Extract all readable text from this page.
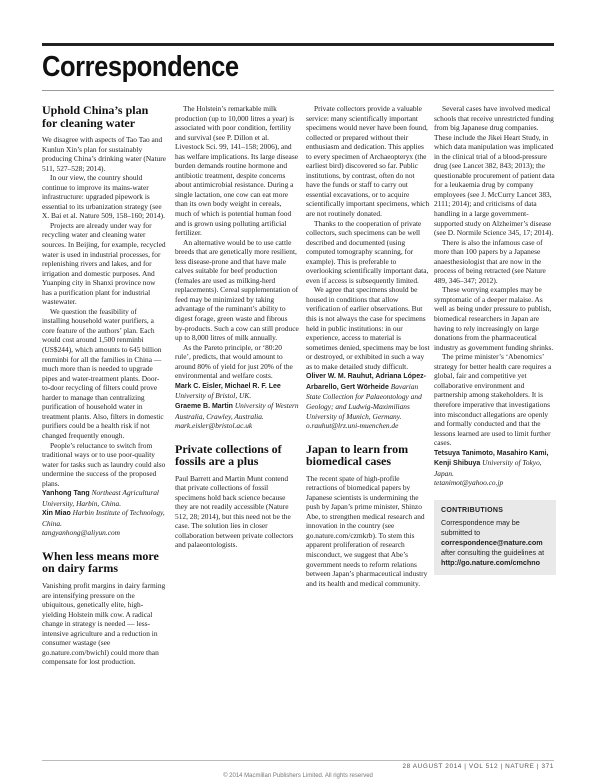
Correspondence
Uphold China’s plan for cleaning water

We disagree with aspects of Tao Tao and Kunlun Xin’s plan for sustainably producing China’s drinking water (Nature 511, 527–528; 2014).

In our view, the country should continue to improve its mains-water infrastructure: upgraded pipework is essential to its urbanization strategy (see X. Bai et al. Nature 509, 158–160; 2014).

Projects are already under way for recycling water and cleaning water sources. In Beijing, for example, recycled water is used in industrial processes, for replenishing rivers and lakes, and for irrigation and domestic purposes. And Yuanping city in Shanxi province now has a purification plant for industrial wastewater.

We question the feasibility of installing household water purifiers, a core feature of the authors’ plan. Each would cost around 1,500 renminbi (US$244), which amounts to 645 billion renminbi for all the families in China — much more than is needed to upgrade pipes and water-treatment plants. Door-to-door recycling of filters could prove harder to manage than centralizing purification of household water in treatment plants. Also, filters in domestic purifiers could be a health risk if not changed frequently enough.

People’s reluctance to switch from traditional ways or to use poor-quality water for tasks such as laundry could also undermine the success of the proposed plans.

Yanhong Tang Northeast Agricultural University, Harbin, China.
Xin Miao Harbin Institute of Technology, China.
tangyanhong@aliyun.com
When less means more on dairy farms

Vanishing profit margins in dairy farming are intensifying pressure on the ubiquitous, genetically elite, high-yielding Holstein milk cow. A radical change in strategy is needed — less-intensive agriculture and a reduction in consumer wastage (see go.nature.com/bwichl) could more than compensate for lost production.

The Holstein’s remarkable milk production (up to 10,000 litres a year) is associated with poor condition, fertility and survival (see P. Dillon et al. Livestock Sci. 99, 141–158; 2006), and has welfare implications. Its large disease burden demands routine hormone and antibiotic treatment, despite concerns about antimicrobial resistance. During a single lactation, one cow can eat more than its own body weight in cereals, much of which is potential human food and is grown using polluting artificial fertilizer.

An alternative would be to use cattle breeds that are genetically more resilient, less disease-prone and that have male calves suitable for beef production (females are used as milking-herd replacements). Cereal supplementation of feed may be minimized by taking advantage of the ruminant’s ability to digest forage, green waste and fibrous by-products. Such a cow can still produce up to 8,000 litres of milk annually.

As the Pareto principle, or ‘80:20 rule’, predicts, that would amount to around 80% of yield for just 20% of the environmental and welfare costs.

Mark C. Eisler, Michael R. F. Lee University of Bristol, UK.
Graeme B. Martin University of Western Australia, Crawley, Australia.
mark.eisler@bristol.ac.uk
Private collections of fossils are a plus

Paul Barrett and Martin Munt contend that private collections of fossil specimens hold back science because they are not readily accessible (Nature 512, 28; 2014), but this need not be the case. The solution lies in closer collaboration between private collectors and palaeontologists.

Private collectors provide a valuable service: many scientifically important specimens would never have been found, collected or prepared without their enthusiasm and dedication. This applies to every specimen of Archaeopteryx (the earliest bird) discovered so far. Public institutions, by contrast, often do not have the funds or staff to carry out essential excavations, or to acquire scientifically important specimens, which are not routinely donated.

Thanks to the cooperation of private collectors, such specimens can be well described and documented (using computed tomography scanning, for example). This is preferable to overlooking scientifically important data, even if access is subsequently limited.

We agree that specimens should be housed in conditions that allow verification of earlier observations. But this is not always the case for specimens held in public institutions: in our experience, access to material is sometimes denied, specimens may be lost or destroyed, or exhibited in such a way as to make detailed study difficult.

Oliver W. M. Rauhut, Adriana López-Arbarello, Gert Wörheide Bavarian State Collection for Palaeontology and Geology; and Ludwig-Maximilians University of Munich, Germany.
o.rauhut@lrz.uni-muenchen.de
Japan to learn from biomedical cases

The recent spate of high-profile retractions of biomedical papers by Japanese scientists is undermining the push by Japan’s prime minister, Shinzo Abe, to strengthen medical research and innovation in the country (see go.nature.com/czmkrb). To stem this apparent proliferation of research misconduct, we suggest that Abe’s government needs to reform relations between Japan’s pharmaceutical industry and its health and medical community.

Several cases have involved medical schools that receive unrestricted funding from big Japanese drug companies. These include the Jikei Heart Study, in which data manipulation was implicated in the clinical trial of a blood-pressure drug (see Lancet 382, 843; 2013); the questionable procurement of patient data for a leukaemia drug by company employees (see J. McCurry Lancet 383, 2111; 2014); and criticisms of data handling in a large government-supported study on Alzheimer’s disease (see D. Normile Science 345, 17; 2014).

There is also the infamous case of more than 100 papers by a Japanese anaesthesiologist that are now in the process of being retracted (see Nature 489, 346–347; 2012).

These worrying examples may be symptomatic of a deeper malaise. As well as being under pressure to publish, biomedical researchers in Japan are having to rely increasingly on large donations from the pharmaceutical industry as government funding shrinks.

The prime minister’s ‘Abenomics’ strategy for better health care requires a global, fair and competitive yet collaborative environment and partnership among stakeholders. It is therefore imperative that investigations into misconduct allegations are openly and formally conducted and that the lessons learned are used to limit further cases.

Tetsuya Tanimoto, Masahiro Kami, Kenji Shibuya University of Tokyo, Japan.
tetanimot@yahoo.co.jp
CONTRIBUTIONS
Correspondence may be submitted to correspondence@nature.com after consulting the guidelines at http://go.nature.com/cmchno
28 AUGUST 2014 | VOL 512 | NATURE | 371
© 2014 Macmillan Publishers Limited. All rights reserved
